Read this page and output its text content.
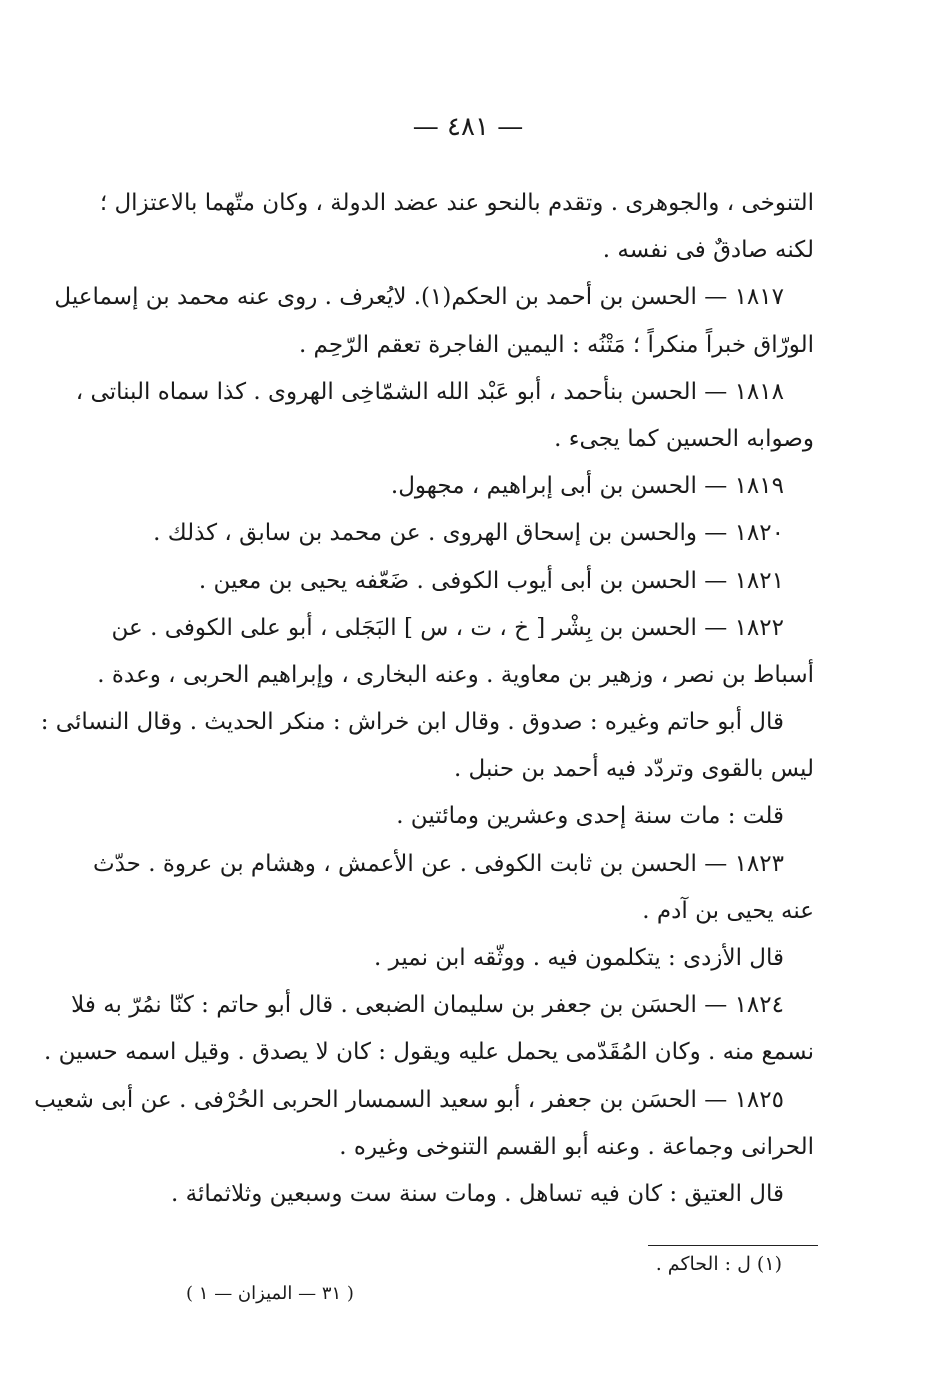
— ٤٨١ —
التنوخى ، والجوهرى . وتقدم بالنحو عند عضد الدولة ، وكان متّهما بالاعتزال ؛
لكنه صادقٌ فى نفسه .
١٨١٧ — الحسن بن أحمد بن الحكم(١). لايُعرف . روى عنه محمد بن إسماعيل
الورّاق خبراً منكراً ؛ مَتْنُه : اليمين الفاجرة تعقم الرّحِم .
١٨١٨ — الحسن بنأحمد ، أبو عَبْد الله الشمّاخِى الهروى . كذا سماه البناتى ،
وصوابه الحسين كما يجىء .
١٨١٩ — الحسن بن أبى إبراهيم ، مجهول.
١٨٢٠ — والحسن بن إسحاق الهروى . عن محمد بن سابق ، كذلك .
١٨٢١ — الحسن بن أبى أيوب الكوفى . ضَعّفه يحيى بن معين .
١٨٢٢ — الحسن بن بِشْر [ خ ، ت ، س ] البَجَلى ، أبو على الكوفى . عن
أسباط بن نصر ، وزهير بن معاوية . وعنه البخارى ، وإبراهيم الحربى ، وعدة .
قال أبو حاتم وغيره : صدوق . وقال ابن خراش : منكر الحديث . وقال النسائى :
ليس بالقوى وتردّد فيه أحمد بن حنبل .
قلت : مات سنة إحدى وعشرين ومائتين .
١٨٢٣ — الحسن بن ثابت الكوفى . عن الأعمش ، وهشام بن عروة . حدّث
عنه يحيى بن آدم .
قال الأزدى : يتكلمون فيه . ووثّقه ابن نمير .
١٨٢٤ — الحسَن بن جعفر بن سليمان الضبعى . قال أبو حاتم : كنّا نمُرّ به فلا
نسمع منه . وكان المُقَدّمى يحمل عليه ويقول : كان لا يصدق . وقيل اسمه حسين .
١٨٢٥ — الحسَن بن جعفر ، أبو سعيد السمسار الحربى الحُرْفى . عن أبى شعيب
الحرانى وجماعة . وعنه أبو القسم التنوخى وغيره .
قال العتيق : كان فيه تساهل . ومات سنة ست وسبعين وثلاثمائة .
(١) ل : الحاكم .
( ٣١ — الميزان — ١ )
